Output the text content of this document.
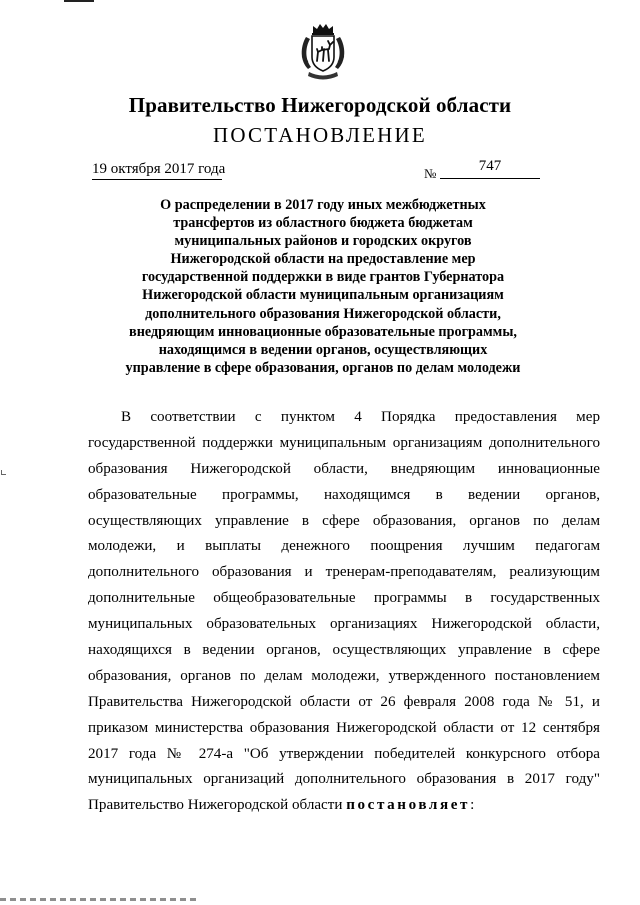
Правительство Нижегородской области
ПОСТАНОВЛЕНИЕ
19 октября 2017 года	№	747
О распределении в 2017 году иных межбюджетных
трансфертов из областного бюджета бюджетам
муниципальных районов и городских округов
Нижегородской области на предоставление мер
государственной поддержки в виде грантов Губернатора
Нижегородской области муниципальным организациям
дополнительного образования Нижегородской области,
внедряющим инновационные образовательные программы,
находящимся в ведении органов, осуществляющих
управление в сфере образования, органов по делам молодежи
В соответствии с пунктом 4 Порядка предоставления мер
государственной поддержки муниципальным организациям дополнительного
образования Нижегородской области, внедряющим инновационные
образовательные программы, находящимся в ведении органов,
осуществляющих управление в сфере образования, органов по делам
молодежи, и выплаты денежного поощрения лучшим педагогам
дополнительного образования и тренерам-преподавателям, реализующим
дополнительные общеобразовательные программы в государственных
муниципальных образовательных организациях Нижегородской области,
находящихся в ведении органов, осуществляющих управление в сфере
образования, органов по делам молодежи, утвержденного постановлением
Правительства Нижегородской области от 26 февраля 2008 года № 51, и
приказом министерства образования Нижегородской области от 12 сентября
2017 года № 274-а "Об утверждении победителей конкурсного отбора
муниципальных организаций дополнительного образования в 2017 году"
Правительство Нижегородской области постановляет:
